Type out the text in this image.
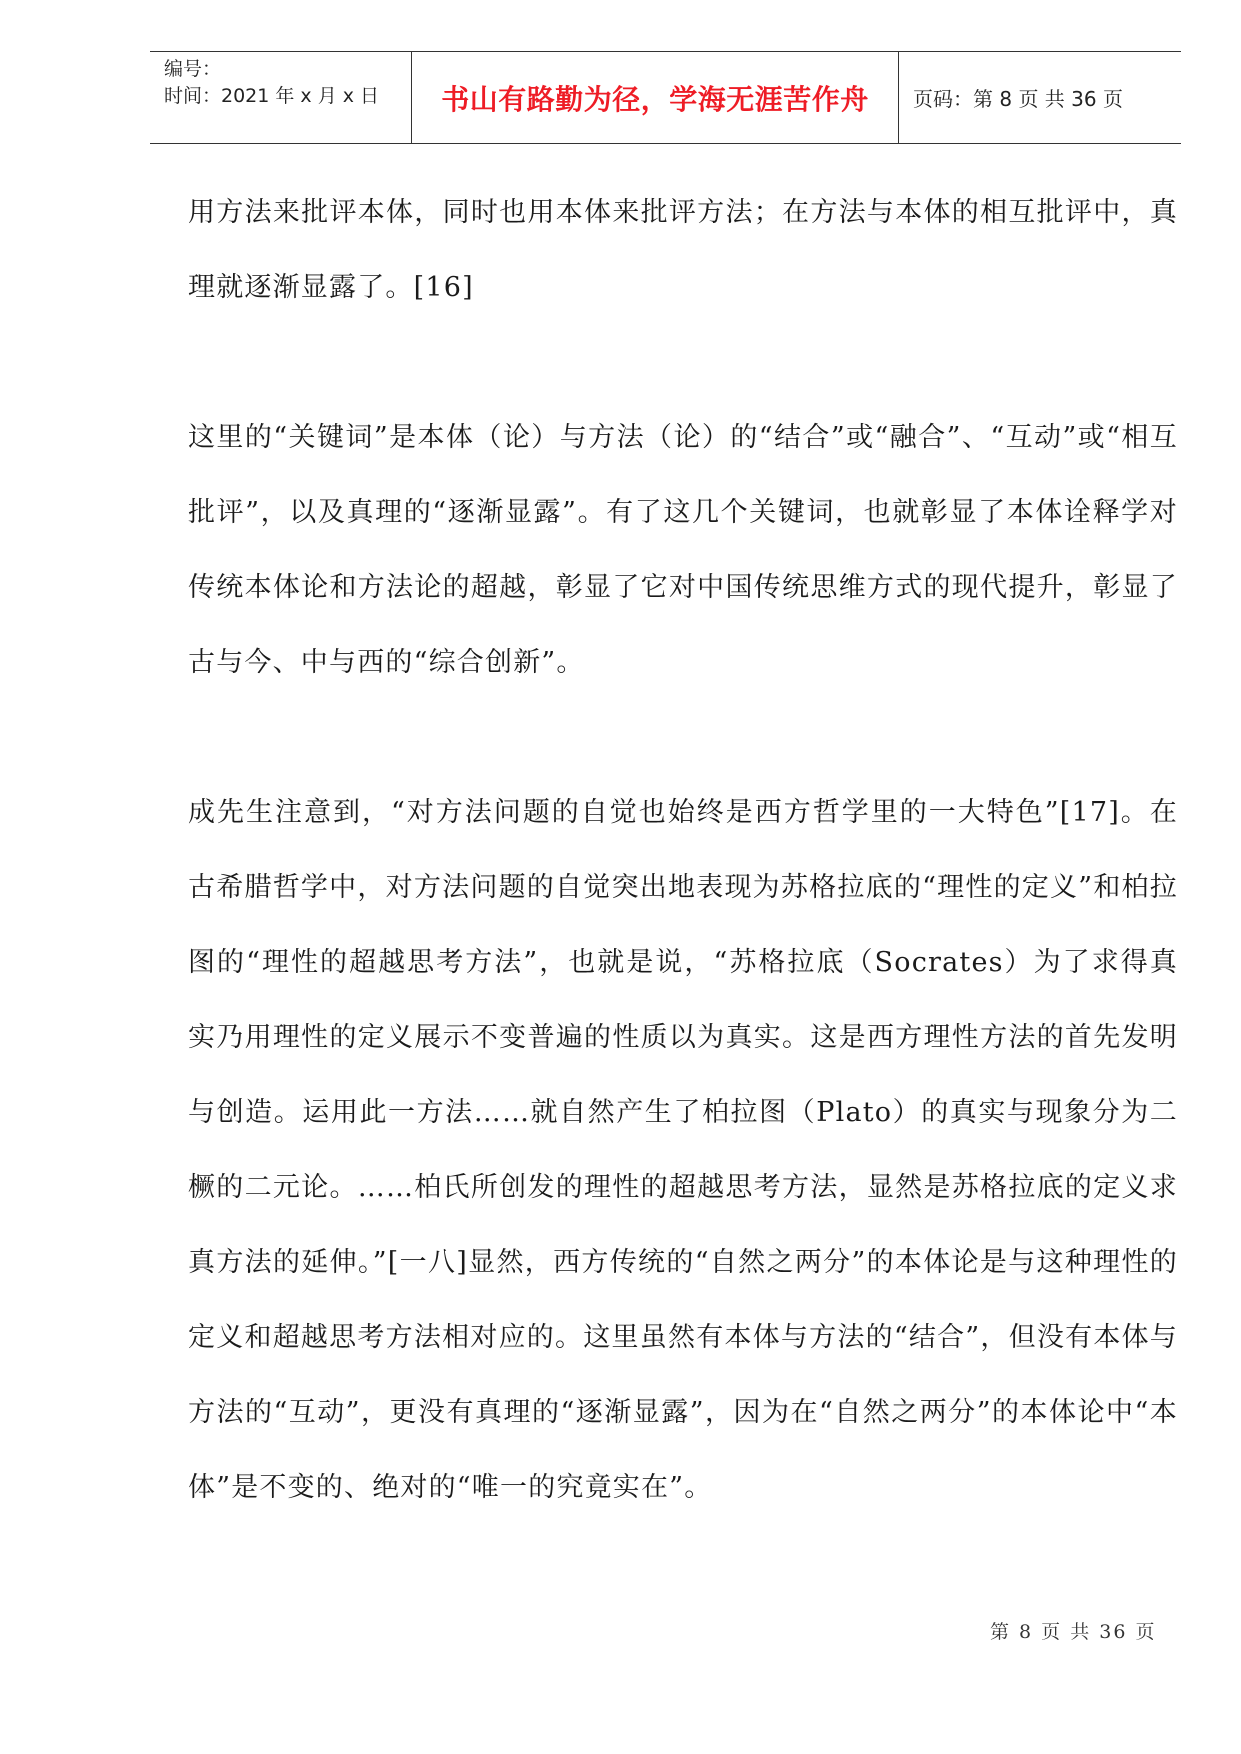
编号：
时间：2021 年 x 月 x 日	书山有路勤为径，学海无涯苦作舟	页码：第 8 页 共 36 页

用方法来批评本体，同时也用本体来批评方法；在方法与本体的相互批评中，真理就逐渐显露了。[16]

这里的“关键词”是本体（论）与方法（论）的“结合”或“融合”、“互动”或“相互批评”，以及真理的“逐渐显露”。有了这几个关键词，也就彰显了本体诠释学对传统本体论和方法论的超越，彰显了它对中国传统思维方式的现代提升，彰显了古与今、中与西的“综合创新”。

成先生注意到，“对方法问题的自觉也始终是西方哲学里的一大特色”[17]。在古希腊哲学中，对方法问题的自觉突出地表现为苏格拉底的“理性的定义”和柏拉图的“理性的超越思考方法”，也就是说，“苏格拉底（Socrates）为了求得真实乃用理性的定义展示不变普遍的性质以为真实。这是西方理性方法的首先发明与创造。运用此一方法……就自然产生了柏拉图（Plato）的真实与现象分为二橛的二元论。……柏氏所创发的理性的超越思考方法，显然是苏格拉底的定义求真方法的延伸。”[一八]显然，西方传统的“自然之两分”的本体论是与这种理性的定义和超越思考方法相对应的。这里虽然有本体与方法的“结合”，但没有本体与方法的“互动”，更没有真理的“逐渐显露”，因为在“自然之两分”的本体论中“本体”是不变的、绝对的“唯一的究竟实在”。

第 8 页 共 36 页
